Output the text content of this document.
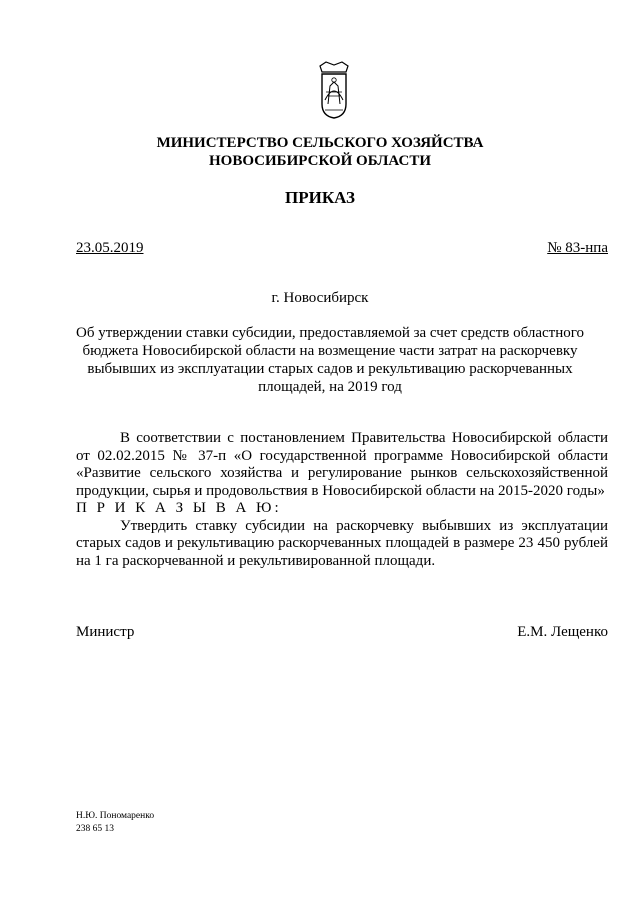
МИНИСТЕРСТВО СЕЛЬСКОГО ХОЗЯЙСТВА
НОВОСИБИРСКОЙ ОБЛАСТИ
ПРИКАЗ
23.05.2019	№ 83-нпа
г. Новосибирск
Об утверждении ставки субсидии, предоставляемой за счет средств областного бюджета Новосибирской области на возмещение части затрат на раскорчевку выбывших из эксплуатации старых садов и рекультивацию раскорчеванных площадей, на 2019 год

В соответствии с постановлением Правительства Новосибирской области от 02.02.2015 № 37-п «О государственной программе Новосибирской области «Развитие сельского хозяйства и регулирование рынков сельскохозяйственной продукции, сырья и продовольствия в Новосибирской области на 2015-2020 годы»

П Р И К А З Ы В А Ю:

Утвердить ставку субсидии на раскорчевку выбывших из эксплуатации старых садов и рекультивацию раскорчеванных площадей в размере 23 450 рублей на 1 га раскорчеванной и рекультивированной площади.

Министр	Е.М. Лещенко
Н.Ю. Пономаренко
238 65 13
